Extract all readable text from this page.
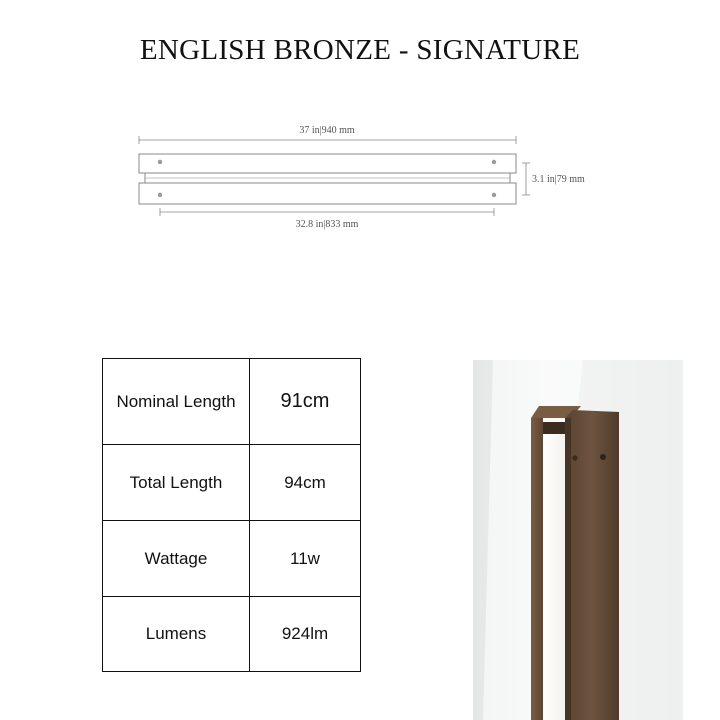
ENGLISH BRONZE - SIGNATURE
37 in|940 mm
3.1 in|79 mm
32.8 in|833 mm
Nominal Length	91cm
Total Length	94cm
Wattage	11w
Lumens	924lm
